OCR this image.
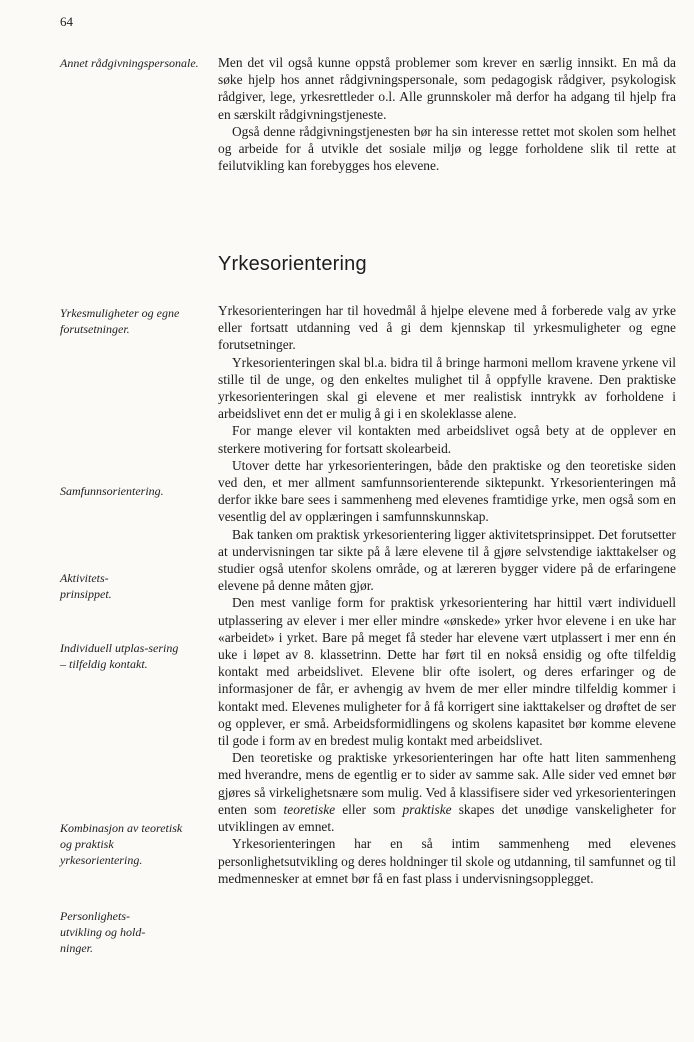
64
Annet rådgivningspersonale.
Yrkesmuligheter og egne forutsetninger.
Samfunnsorientering.
Aktivitets-prinsippet.
Individuell utplas-sering – tilfeldig kontakt.
Kombinasjon av teoretisk og praktisk yrkesorientering.
Personlighets-utvikling og hold-ninger.

Men det vil også kunne oppstå problemer som krever en særlig innsikt. En må da søke hjelp hos annet rådgivningspersonale, som pedagogisk rådgiver, psykologisk rådgiver, lege, yrkesrettleder o.l. Alle grunnskoler må derfor ha adgang til hjelp fra en særskilt rådgivningstjeneste.

Også denne rådgivningstjenesten bør ha sin interesse rettet mot skolen som helhet og arbeide for å utvikle det sosiale miljø og legge forholdene slik til rette at feilutvikling kan forebygges hos elevene.

Yrkesorientering

Yrkesorienteringen har til hovedmål å hjelpe elevene med å forberede valg av yrke eller fortsatt utdanning ved å gi dem kjennskap til yrkesmuligheter og egne forutsetninger.

Yrkesorienteringen skal bl.a. bidra til å bringe harmoni mellom kravene yrkene vil stille til de unge, og den enkeltes mulighet til å oppfylle kravene. Den praktiske yrkesorienteringen skal gi elevene et mer realistisk inntrykk av forholdene i arbeidslivet enn det er mulig å gi i en skoleklasse alene.

For mange elever vil kontakten med arbeidslivet også bety at de opplever en sterkere motivering for fortsatt skolearbeid.

Utover dette har yrkesorienteringen, både den praktiske og den teoretiske siden ved den, et mer allment samfunnsorienterende siktepunkt. Yrkesorienteringen må derfor ikke bare sees i sammenheng med elevenes framtidige yrke, men også som en vesentlig del av opplæringen i samfunnskunnskap.

Bak tanken om praktisk yrkesorientering ligger aktivitetsprinsippet. Det forutsetter at undervisningen tar sikte på å lære elevene til å gjøre selvstendige iakttakelser og studier også utenfor skolens område, og at læreren bygger videre på de erfaringene elevene på denne måten gjør.

Den mest vanlige form for praktisk yrkesorientering har hittil vært individuell utplassering av elever i mer eller mindre «ønskede» yrker hvor elevene i en uke har «arbeidet» i yrket. Bare på meget få steder har elevene vært utplassert i mer enn én uke i løpet av 8. klassetrinn. Dette har ført til en nokså ensidig og ofte tilfeldig kontakt med arbeidslivet. Elevene blir ofte isolert, og deres erfaringer og de informasjoner de får, er avhengig av hvem de mer eller mindre tilfeldig kommer i kontakt med. Elevenes muligheter for å få korrigert sine iakttakelser og drøftet de ser og opplever, er små. Arbeidsformidlingens og skolens kapasitet bør komme elevene til gode i form av en bredest mulig kontakt med arbeidslivet.

Den teoretiske og praktiske yrkesorienteringen har ofte hatt liten sammenheng med hverandre, mens de egentlig er to sider av samme sak. Alle sider ved emnet bør gjøres så virkelighetsnære som mulig. Ved å klassifisere sider ved yrkesorienteringen enten som teoretiske eller som praktiske skapes det unødige vanskeligheter for utviklingen av emnet.

Yrkesorienteringen har en så intim sammenheng med elevenes personlighetsutvikling og deres holdninger til skole og utdanning, til samfunnet og til medmennesker at emnet bør få en fast plass i undervisningsopplegget.
